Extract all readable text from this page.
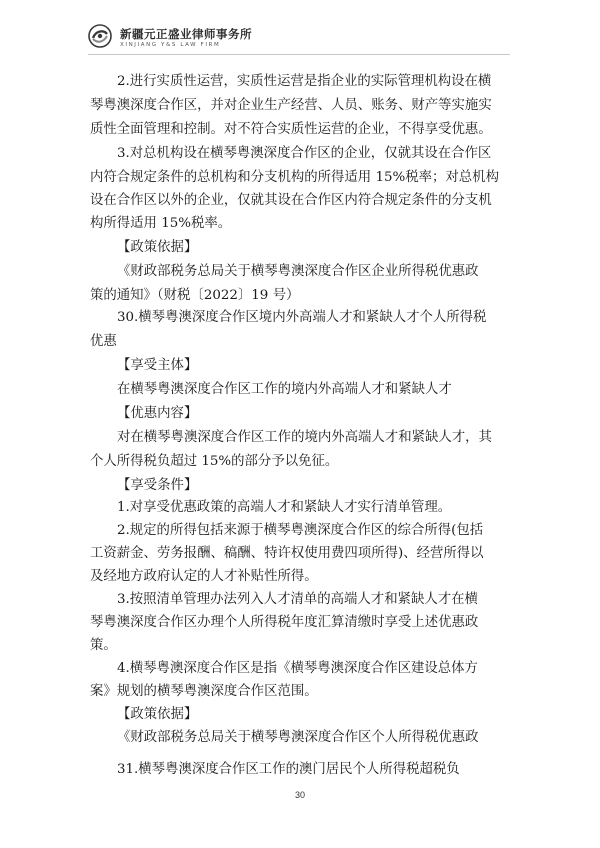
新疆元正盛业律师事务所
XINJIANG Y&S LAW FIRM
2.进行实质性运营，实质性运营是指企业的实际管理机构设在横
琴粤澳深度合作区，并对企业生产经营、人员、账务、财产等实施实
质性全面管理和控制。对不符合实质性运营的企业，不得享受优惠。
3.对总机构设在横琴粤澳深度合作区的企业，仅就其设在合作区
内符合规定条件的总机构和分支机构的所得适用 15%税率；对总机构
设在合作区以外的企业，仅就其设在合作区内符合规定条件的分支机
构所得适用 15%税率。
【政策依据】
《财政部税务总局关于横琴粤澳深度合作区企业所得税优惠政
策的通知》（财税〔2022〕19 号）
30.横琴粤澳深度合作区境内外高端人才和紧缺人才个人所得税
优惠
【享受主体】
在横琴粤澳深度合作区工作的境内外高端人才和紧缺人才
【优惠内容】
对在横琴粤澳深度合作区工作的境内外高端人才和紧缺人才，其
个人所得税负超过 15%的部分予以免征。
【享受条件】
1.对享受优惠政策的高端人才和紧缺人才实行清单管理。
2.规定的所得包括来源于横琴粤澳深度合作区的综合所得(包括
工资薪金、劳务报酬、稿酬、特许权使用费四项所得)、经营所得以
及经地方政府认定的人才补贴性所得。
3.按照清单管理办法列入人才清单的高端人才和紧缺人才在横
琴粤澳深度合作区办理个人所得税年度汇算清缴时享受上述优惠政
策。
4.横琴粤澳深度合作区是指《横琴粤澳深度合作区建设总体方
案》规划的横琴粤澳深度合作区范围。
【政策依据】
《财政部税务总局关于横琴粤澳深度合作区个人所得税优惠政
31.横琴粤澳深度合作区工作的澳门居民个人所得税超税负
30
